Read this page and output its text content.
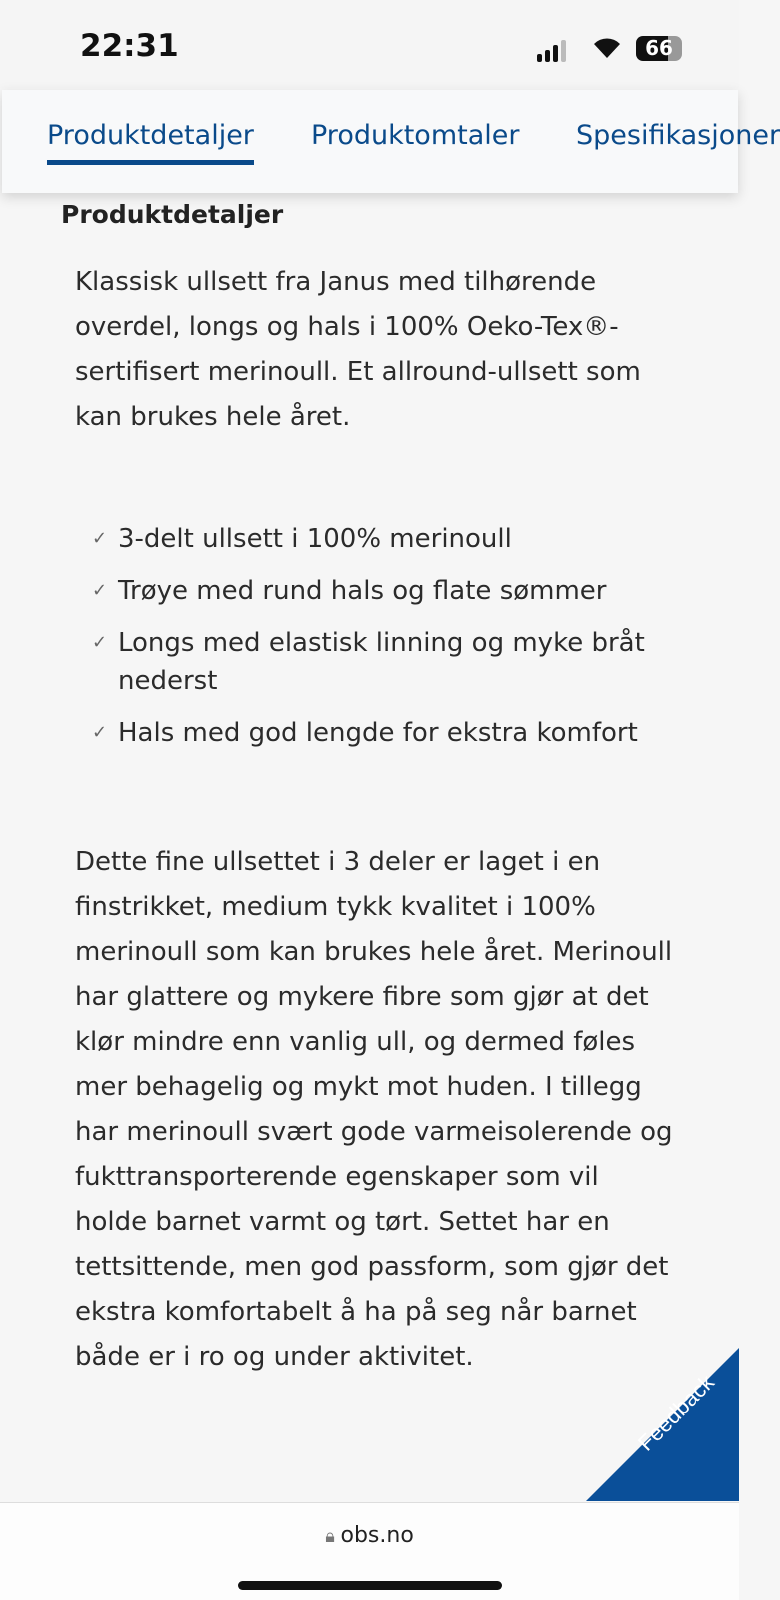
22:31	66
Produktdetaljer Produktomtaler Spesifikasjoner
Produktdetaljer
Klassisk ullsett fra Janus med tilhørende overdel, longs og hals i 100% Oeko-Tex®-sertifisert merinoull. Et allround-ullsett som kan brukes hele året.
✓ 3-delt ullsett i 100% merinoull
✓ Trøye med rund hals og flate sømmer
✓ Longs med elastisk linning og myke bråt nederst
✓ Hals med god lengde for ekstra komfort
Dette fine ullsettet i 3 deler er laget i en finstrikket, medium tykk kvalitet i 100% merinoull som kan brukes hele året. Merinoull har glattere og mykere fibre som gjør at det klør mindre enn vanlig ull, og dermed føles mer behagelig og mykt mot huden. I tillegg har merinoull svært gode varmeisolerende og fukttransporterende egenskaper som vil holde barnet varmt og tørt. Settet har en tettsittende, men god passform, som gjør det ekstra komfortabelt å ha på seg når barnet både er i ro og under aktivitet.
Feedback
🔒︎ obs.no
